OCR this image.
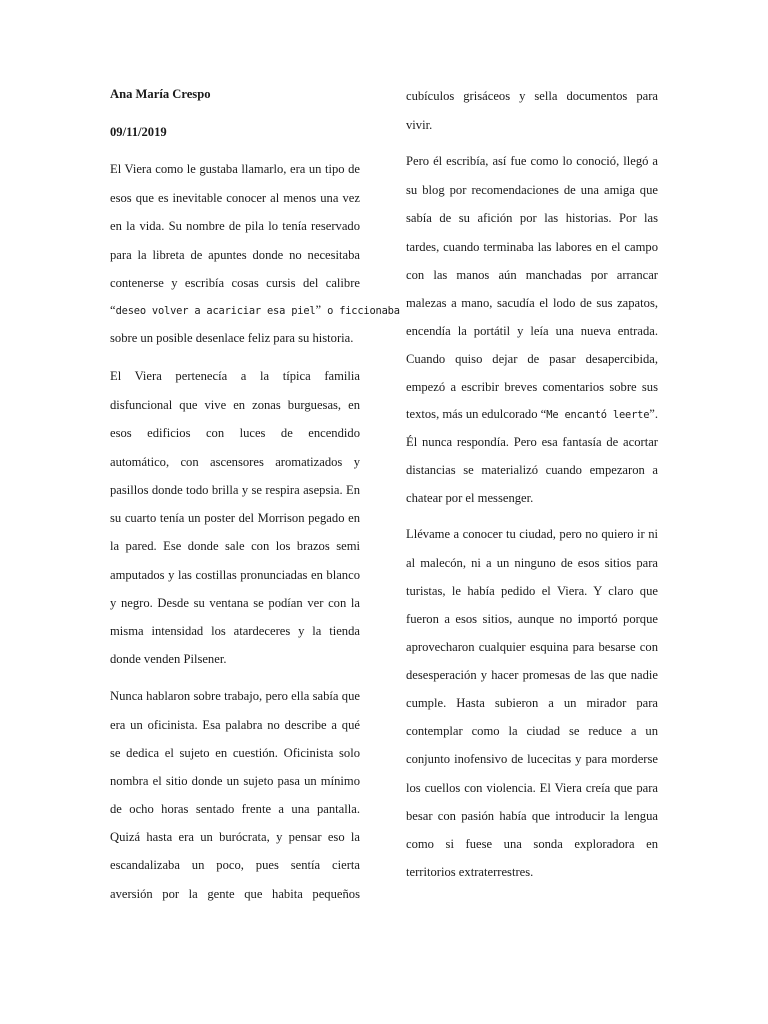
Ana María Crespo
09/11/2019
El Viera como le gustaba llamarlo, era un tipo de
esos que es inevitable conocer al menos una vez
en la vida. Su nombre de pila lo tenía reservado
para la libreta de apuntes donde no necesitaba
contenerse y escribía cosas cursis del calibre
“deseo volver a acariciar esa piel” o ficcionaba
sobre un posible desenlace feliz para su historia.
El Viera pertenecía a la típica familia
disfuncional que vive en zonas burguesas, en
esos edificios con luces de encendido
automático, con ascensores aromatizados y
pasillos donde todo brilla y se respira asepsia. En
su cuarto tenía un poster del Morrison pegado en
la pared. Ese donde sale con los brazos semi
amputados y las costillas pronunciadas en blanco
y negro. Desde su ventana se podían ver con la
misma intensidad los atardeceres y la tienda
donde venden Pilsener.
Nunca hablaron sobre trabajo, pero ella sabía que
era un oficinista. Esa palabra no describe a qué
se dedica el sujeto en cuestión. Oficinista solo
nombra el sitio donde un sujeto pasa un mínimo
de ocho horas sentado frente a una pantalla.
Quizá hasta era un burócrata, y pensar eso la
escandalizaba un poco, pues sentía cierta
aversión por la gente que habita pequeños
cubículos grisáceos y sella documentos para
vivir.
Pero él escribía, así fue como lo conoció, llegó a
su blog por recomendaciones de una amiga que
sabía de su afición por las historias. Por las
tardes, cuando terminaba las labores en el campo
con las manos aún manchadas por arrancar
malezas a mano, sacudía el lodo de sus zapatos,
encendía la portátil y leía una nueva entrada.
Cuando quiso dejar de pasar desapercibida,
empezó a escribir breves comentarios sobre sus
textos, más un edulcorado “Me encantó leerte”.
Él nunca respondía. Pero esa fantasía de acortar
distancias se materializó cuando empezaron a
chatear por el messenger.
Llévame a conocer tu ciudad, pero no quiero ir ni
al malecón, ni a un ninguno de esos sitios para
turistas, le había pedido el Viera. Y claro que
fueron a esos sitios, aunque no importó porque
aprovecharon cualquier esquina para besarse con
desesperación y hacer promesas de las que nadie
cumple. Hasta subieron a un mirador para
contemplar como la ciudad se reduce a un
conjunto inofensivo de lucecitas y para morderse
los cuellos con violencia. El Viera creía que para
besar con pasión había que introducir la lengua
como si fuese una sonda exploradora en
territorios extraterrestres.
